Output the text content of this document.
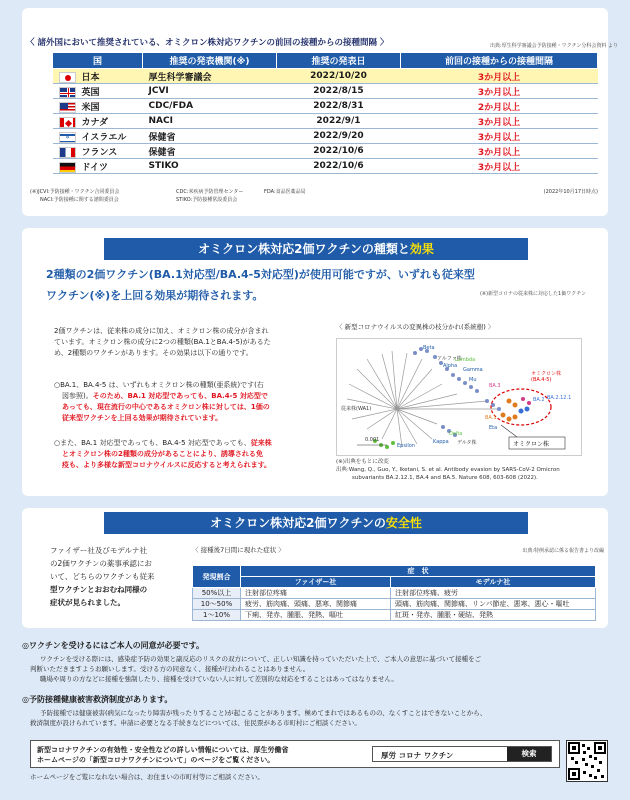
〈 諸外国において推奨されている、オミクロン株対応ワクチンの前回の接種からの接種間隔 〉	出典:厚生科学審議会予防接種・ワクチン分科会資料 より
国	推奨の発表機関(※)	推奨の発表日	前回の接種からの接種間隔

日本	厚生科学審議会	2022/10/20	3か月以上

英国	JCVI	2022/8/15	3か月以上

米国	CDC/FDA	2022/8/31	2か月以上

カナダ	NACI	2022/9/1	3か月以上

✡ イスラエル	保健省	2022/9/20	3か月以上
フランス	保健省	2022/10/6	3か月以上
ドイツ	STIKO	2022/10/6	3か月以上
(※)JCVI:予防接種・ワクチン合同委員会
NACI:予防接種に関する諮問委員会
CDC:米疾病予防管理センター
STIKO:予防接種常設委員会
FDA:食品医薬品局	(2022年10月17日時点)
オミクロン株対応2価ワクチンの種類と効果
2種類の2価ワクチン(BA.1対応型/BA.4-5対応型)が使用可能ですが、いずれも従来型
ワクチン(※)を上回る効果が期待されます。	(※)新型コロナの従来株に対応した1価ワクチン
2価ワクチンは、従来株の成分に加え、オミクロン株の成分が含まれ
ています。オミクロン株の成分に2つの種類(BA.1とBA.4-5)があるた
め、2種類のワクチンがあります。その効果は以下の通りです。
○BA.1、BA.4-5 は、いずれもオミクロン株の種類(亜系統)です(右
図参照)。そのため、BA.1 対応型であっても、BA.4-5 対応型で
あっても、現在流行の中心であるオミクロン株に対しては、1価の
従来型ワクチンを上回る効果が期待されています。
○また、BA.1 対応型であっても、BA.4-5 対応型であっても、従来株
とオミクロン株の2種類の成分があることにより、誘導される免
疫も、より多様な新型コロナウイルスに反応すると考えられます。
〈 新型コロナウイルスの変異株の枝分かれ(系統樹) 〉
Beta
アルファ株
Alpha
Lambda
Gamma
Mu
BA.3
オミクロン株
(BA.4-5)
BA.2 BA.2.12.1
BA.1
Delta
デルタ株
Kappa
Eta
Epsilon
従来株(WA1)
0.001
オミクロン株
(※)出典をもとに改変
出典:Wang, Q., Guo, Y., Iketani, S. et al. Antibody evasion by SARS-CoV-2 Omicron
subvariants BA.2.12.1, BA.4 and BA.5. Nature 608, 603-608 (2022).
オミクロン株対応2価ワクチンの安全性
ファイザー社及びモデルナ社
の2価ワクチンの薬事承認にお
いて、どちらのワクチンも従来
型ワクチンとおおむね同様の
症状が見られました。
〈 接種後7日間に現れた症状 〉	出典:特例承認に係る報告書より改編
発現割合	症　状	
	ファイザー社	モデルナ社
50%以上	注射部位疼痛	注射部位疼痛、疲労
10〜50%	疲労、筋肉痛、頭痛、悪寒、関節痛	頭痛、筋肉痛、関節痛、リンパ節症、悪寒、悪心・嘔吐
1〜10%	下痢、発赤、腫脹、発熱、嘔吐	紅斑・発赤、腫脹・硬結、発熱
◎ワクチンを受けるにはご本人の同意が必要です。
ワクチンを受ける際には、感染症予防の効果と副反応のリスクの双方について、正しい知識を持っていただいた上で、ご本人の意思に基づいて接種をご
判断いただきますようお願いします。受ける方の同意なく、接種が行われることはありません。
職場や周りの方などに接種を強制したり、接種を受けていない人に対して差別的な対応をすることはあってはなりません。
◎予防接種健康被害救済制度があります。
予防接種では健康被害(病気になったり障害が残ったりすること)が起こることがあります。極めてまれではあるものの、なくすことはできないことから、
救済制度が設けられています。申請に必要となる手続きなどについては、住民票がある市町村にご相談ください。
新型コロナワクチンの有効性・安全性などの詳しい情報については、厚生労働省
ホームページの「新型コロナワクチンについて」のページをご覧ください。	厚労 コロナ ワクチン	検索
ホームページをご覧になれない場合は、お住まいの市町村等にご相談ください。
